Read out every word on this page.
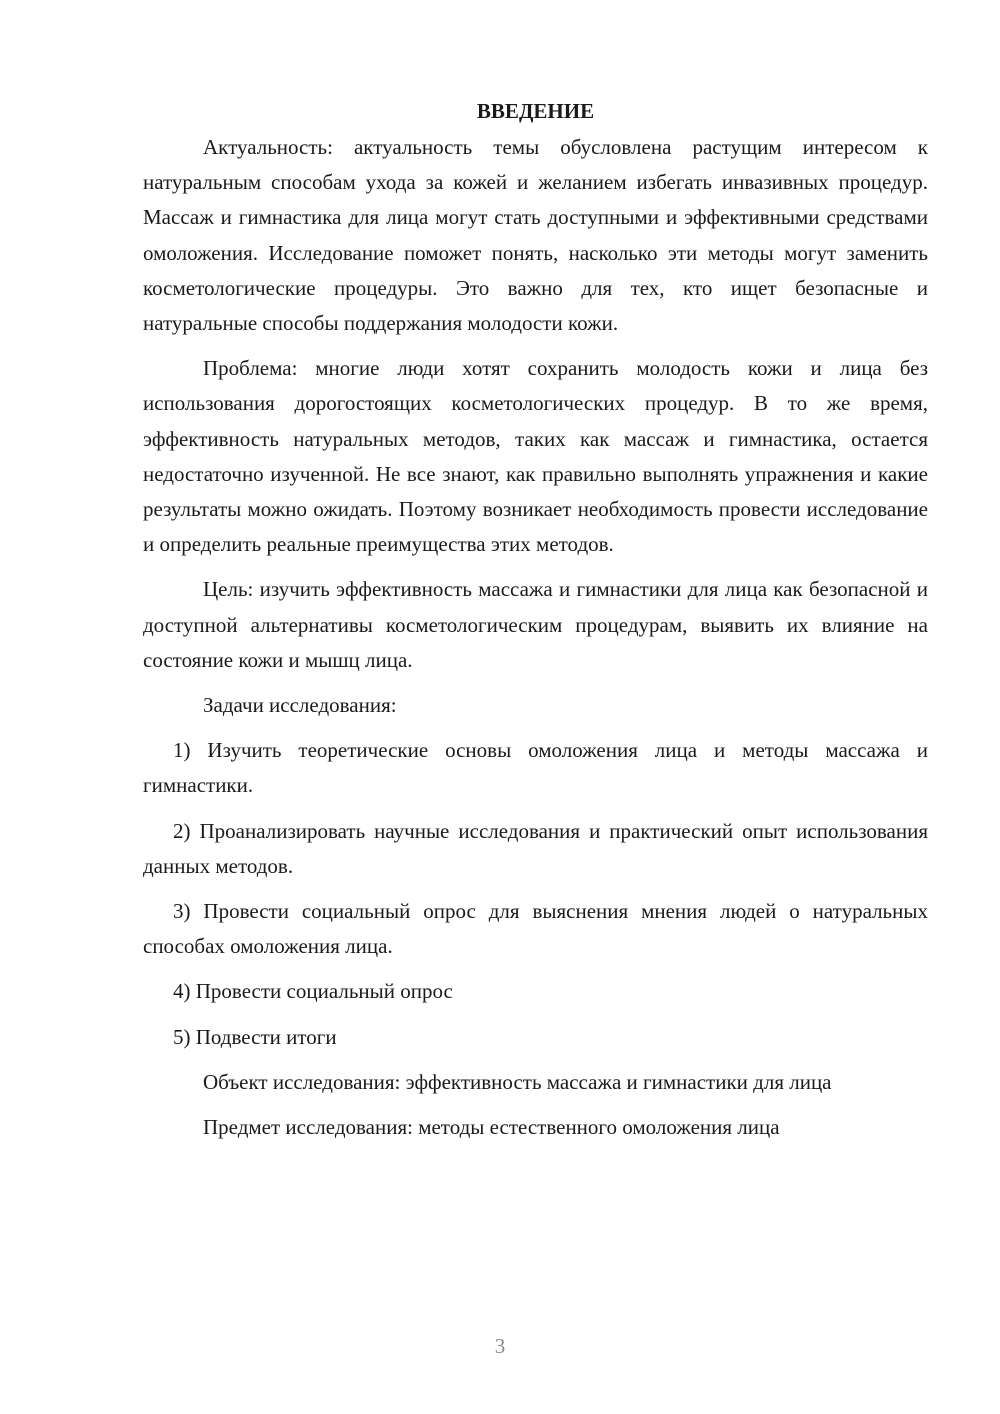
ВВЕДЕНИЕ

Актуальность: актуальность темы обусловлена растущим интересом к натуральным способам ухода за кожей и желанием избегать инвазивных процедур. Массаж и гимнастика для лица могут стать доступными и эффективными средствами омоложения. Исследование поможет понять, насколько эти методы могут заменить косметологические процедуры. Это важно для тех, кто ищет безопасные и натуральные способы поддержания молодости кожи.

Проблема: многие люди хотят сохранить молодость кожи и лица без использования дорогостоящих косметологических процедур. В то же время, эффективность натуральных методов, таких как массаж и гимнастика, остается недостаточно изученной. Не все знают, как правильно выполнять упражнения и какие результаты можно ожидать. Поэтому возникает необходимость провести исследование и определить реальные преимущества этих методов.

Цель: изучить эффективность массажа и гимнастики для лица как безопасной и доступной альтернативы косметологическим процедурам, выявить их влияние на состояние кожи и мышц лица.

Задачи исследования:

1) Изучить теоретические основы омоложения лица и методы массажа и гимнастики.

2) Проанализировать научные исследования и практический опыт использования данных методов.

3) Провести социальный опрос для выяснения мнения людей о натуральных способах омоложения лица.

4) Провести социальный опрос

5) Подвести итоги

Объект исследования: эффективность массажа и гимнастики для лица

Предмет исследования: методы естественного омоложения лица

3
